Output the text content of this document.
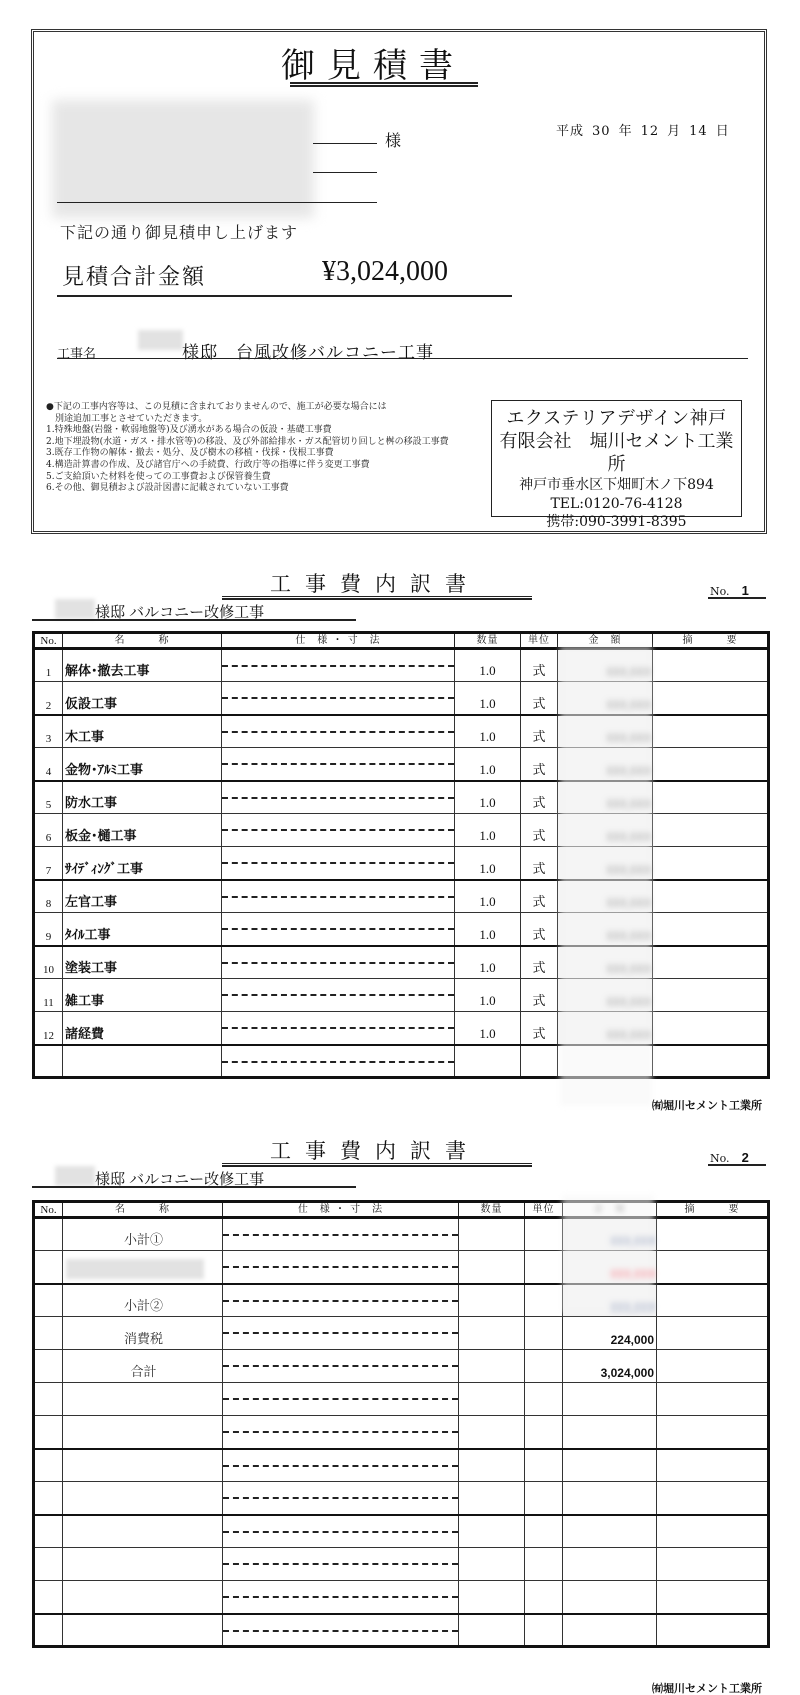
御見積書
様	平成 30 年 12 月 14 日
下記の通り御見積申し上げます
見積合計金額	¥3,024,000
工事名	様邸　台風改修バルコニー工事
●下記の工事内容等は、この見積に含まれておりませんので、施工が必要な場合には
別途追加工事とさせていただきます。
1.特殊地盤(岩盤・軟弱地盤等)及び湧水がある場合の仮設・基礎工事費
2.地下埋設物(水道・ガス・排水管等)の移設、及び外部給排水・ガス配管切り回しと桝の移設工事費
3.既存工作物の解体・撤去・処分、及び樹木の移植・伐採・伐根工事費
4.構造計算書の作成、及び諸官庁への手続費、行政庁等の指導に伴う変更工事費
5.ご支給頂いた材料を使っての工事費および保管養生費
6.その他、御見積および設計図書に記載されていない工事費
エクステリアデザイン神戸
有限会社　堀川セメント工業所
神戸市垂水区下畑町木ノ下894
TEL:0120-76-4128
携帯:090-3991-8395
工事費内訳書	No. 1
様邸 バルコニー改修工事
No.	名　　　称	仕　様 ・ 寸　法	数量	単位	金　額	摘　　　要
1	解体･撤去工事		1.0	式		
2	仮設工事		1.0	式		
3	木工事		1.0	式		
4	金物･ｱﾙﾐ工事		1.0	式		
5	防水工事		1.0	式		
6	板金･樋工事		1.0	式		
7	ｻｲﾃﾞｨﾝｸﾞ工事		1.0	式		
8	左官工事		1.0	式		
9	ﾀｲﾙ工事		1.0	式		
10	塗装工事		1.0	式		
11	雑工事		1.0	式		
12	諸経費		1.0	式		

㈲堀川セメント工業所
工事費内訳書	No. 2
様邸 バルコニー改修工事
No.	名　　　称	仕　様 ・ 寸　法	数量	単位		摘　　　要
	小計①	

	小計②	

	消費税				224,000	
	合計				3,024,000	

㈲堀川セメント工業所
